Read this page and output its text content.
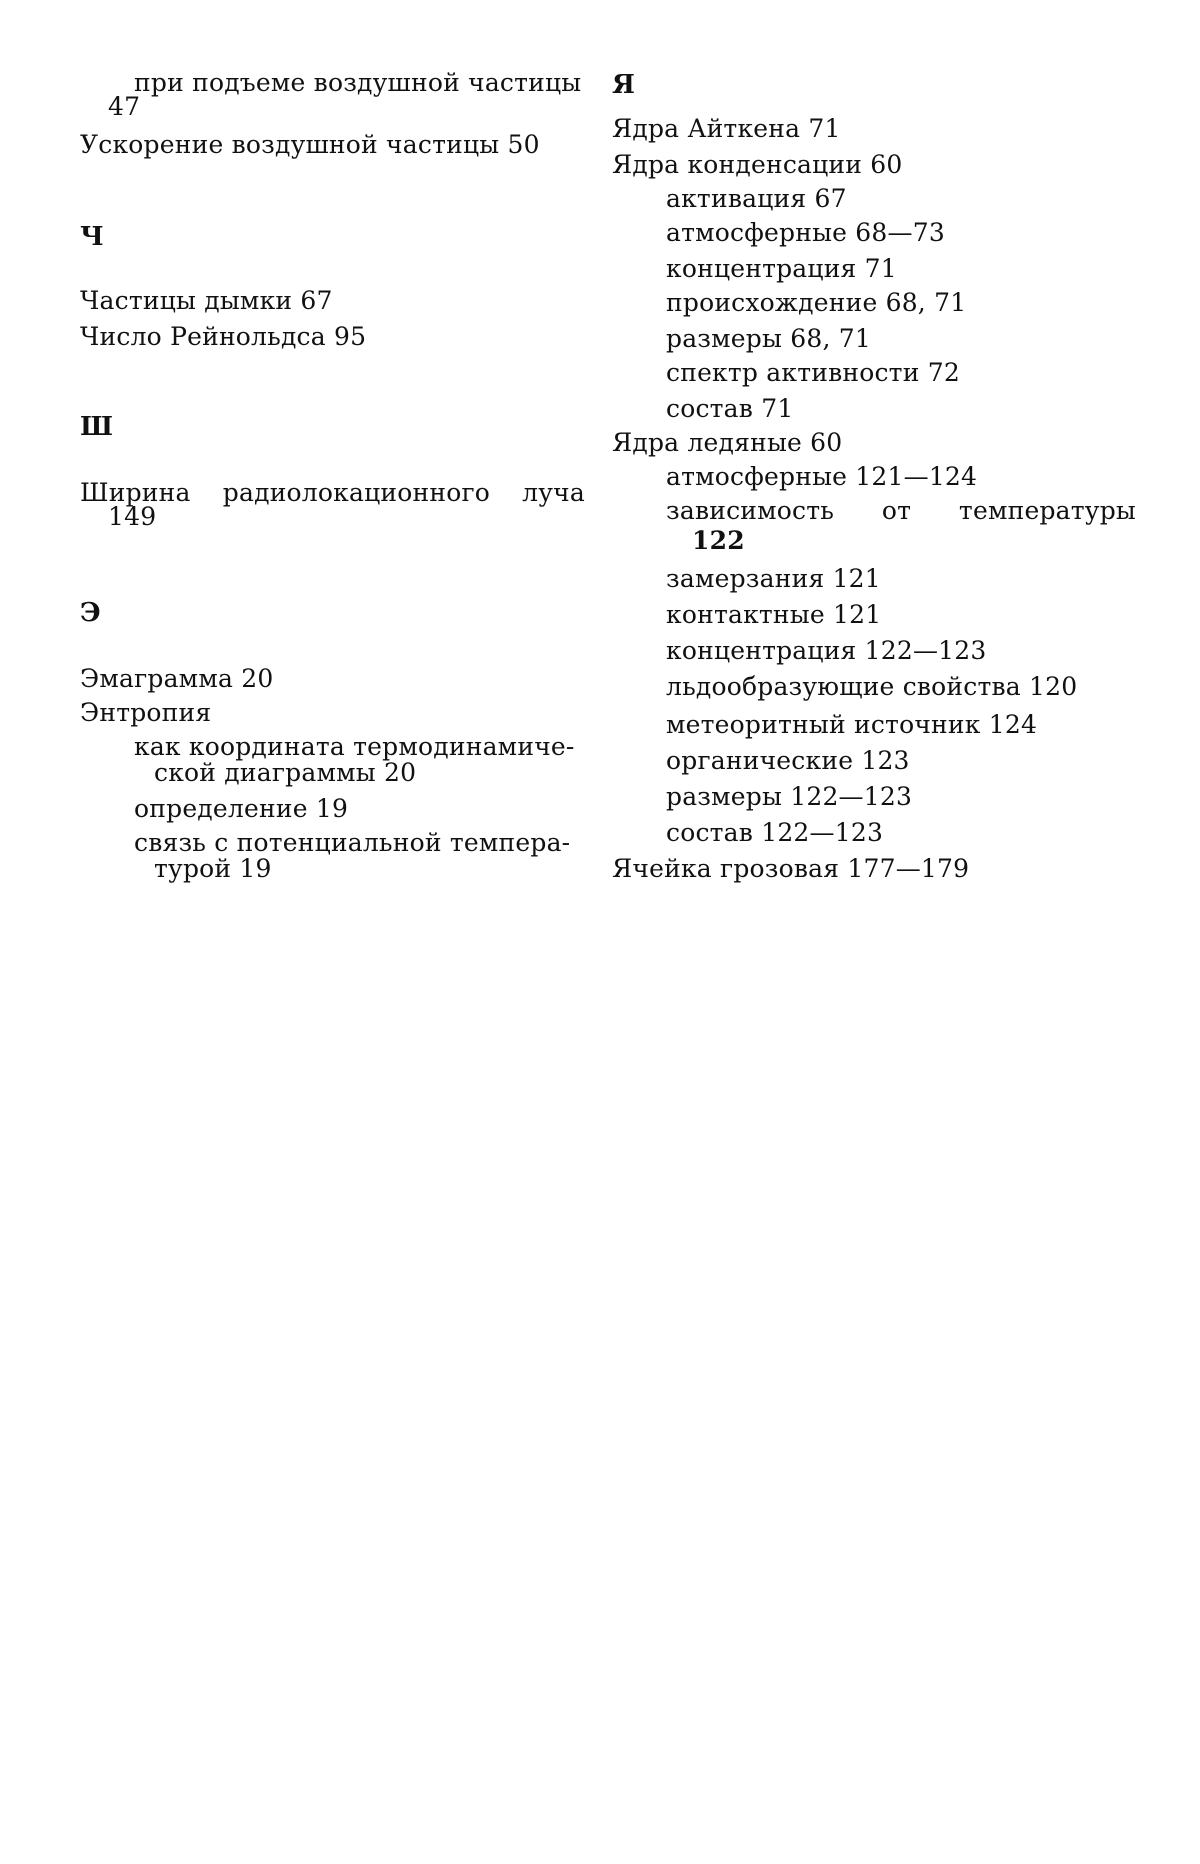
при подъеме воздушной частицы
47
Ускорение воздушной частицы 50
Ч
Частицы дымки 67
Число Рейнольдса 95
Ш
Ширина радиолокационного луча
149
Э
Эмаграмма 20
Энтропия
как координата термодинамиче-
ской диаграммы 20
определение 19
связь с потенциальной темпера-
турой 19
Я
Ядра Айткена 71
Ядра конденсации 60
активация 67
атмосферные 68—73
концентрация 71
происхождение 68, 71
размеры 68, 71
спектр активности 72
состав 71
Ядра ледяные 60
атмосферные 121—124
зависимость от температуры
122
замерзания 121
контактные 121
концентрация 122—123
льдообразующие свойства 120
метеоритный источник 124
органические 123
размеры 122—123
состав 122—123
Ячейка грозовая 177—179
